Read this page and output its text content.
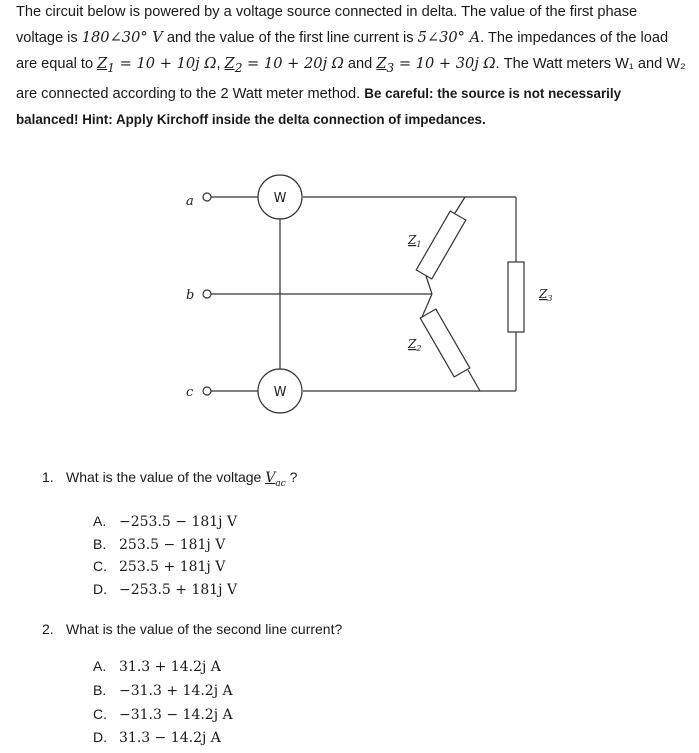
The circuit below is powered by a voltage source connected in delta. The value of the first phase voltage is 180∠30° V and the value of the first line current is 5∠30° A. The impedances of the load are equal to $Z_1 = 10 + 10j$ Ω, $Z_2 = 10 + 20j$ Ω and $Z_3 = 10 + 30j$ Ω. The Watt meters W₁ and W₂ are connected according to the 2 Watt meter method. Be careful: the source is not necessarily balanced! Hint: Apply Kirchoff inside the delta connection of impedances.
a
b
c
W
W
$Z_1$
$Z_2$
$Z_3$
1. What is the value of the voltage $V_{ac}$ ?
A. −253.5 − 181j V
B. 253.5 − 181j V
C. 253.5 + 181j V
D. −253.5 + 181j V
2. What is the value of the second line current?
A. 31.3 + 14.2j A
B. −31.3 + 14.2j A
C. −31.3 − 14.2j A
D. 31.3 − 14.2j A
